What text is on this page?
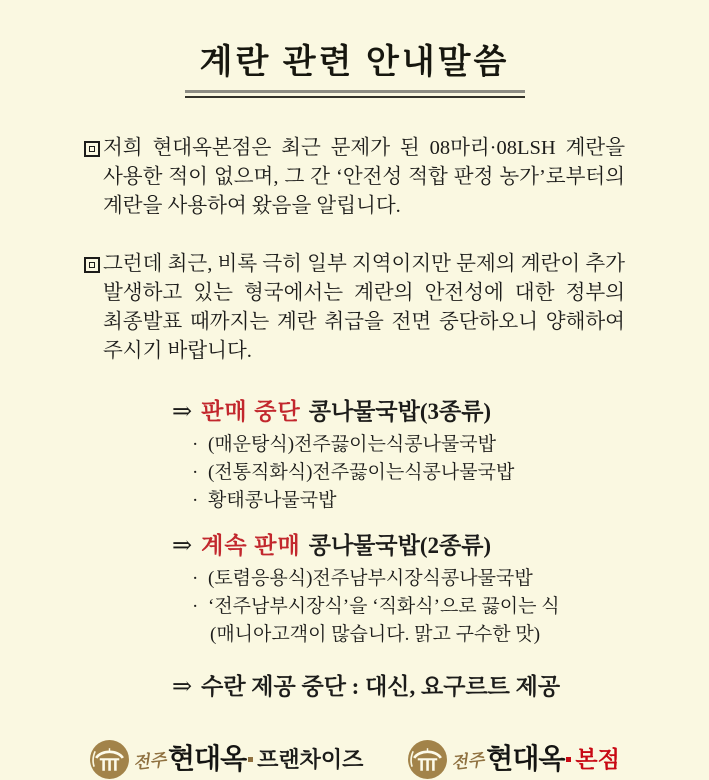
계란 관련 안내말씀

저희 현대옥본점은 최근 문제가 된 08마리·08LSH 계란을 사용한 적이 없으며, 그 간 ‘안전성 적합 판정 농가’로부터의 계란을 사용하여 왔음을 알립니다.

그런데 최근, 비록 극히 일부 지역이지만 문제의 계란이 추가 발생하고 있는 형국에서는 계란의 안전성에 대한 정부의 최종발표 때까지는 계란 취급을 전면 중단하오니 양해하여 주시기 바랍니다.

⇒ 판매 중단 콩나물국밥(3종류)
· (매운탕식)전주끓이는식콩나물국밥
· (전통직화식)전주끓이는식콩나물국밥
· 황태콩나물국밥
⇒ 계속 판매 콩나물국밥(2종류)
· (토렴응용식)전주남부시장식콩나물국밥
· ‘전주남부시장식’을 ‘직화식’으로 끓이는 식
(매니아고객이 많습니다. 맑고 구수한 맛)
⇒ 수란 제공 중단 : 대신, 요구르트 제공
전주 현대옥 프랜차이즈	전주 현대옥 본점
